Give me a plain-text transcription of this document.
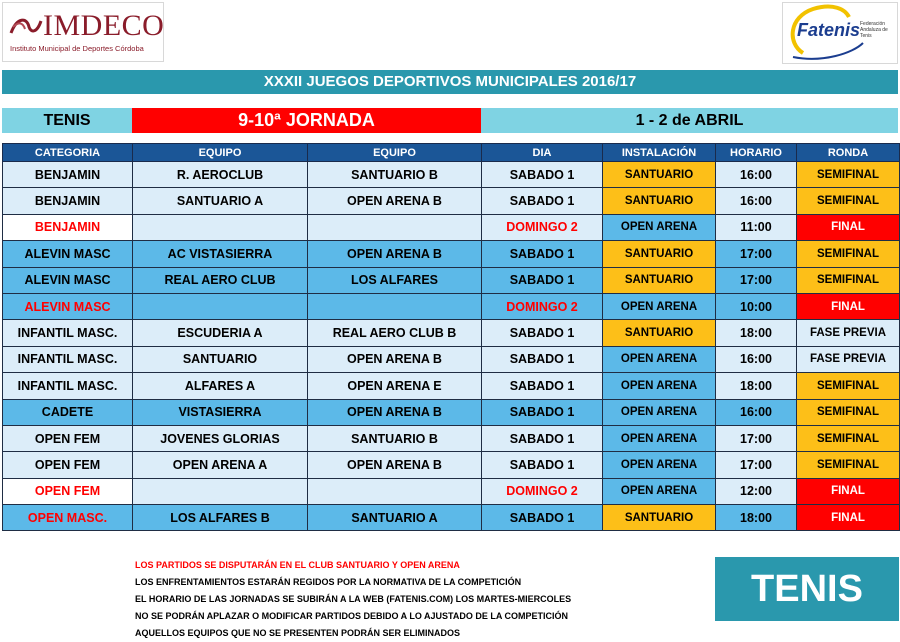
IMDECO
Instituto Municipal de Deportes Córdoba
Fatenis Federación Andaluza de Tenis
XXXII JUEGOS DEPORTIVOS MUNICIPALES 2016/17
TENIS	9-10ª JORNADA	1 - 2 de ABRIL
CATEGORIA	EQUIPO	EQUIPO	DIA	INSTALACIÓN	HORARIO	RONDA
BENJAMIN	R. AEROCLUB	SANTUARIO B	SABADO 1	SANTUARIO	16:00	SEMIFINAL
BENJAMIN	SANTUARIO A	OPEN ARENA B	SABADO 1	SANTUARIO	16:00	SEMIFINAL
BENJAMIN			DOMINGO 2	OPEN ARENA	11:00	FINAL
ALEVIN MASC	AC VISTASIERRA	OPEN ARENA B	SABADO 1	SANTUARIO	17:00	SEMIFINAL
ALEVIN MASC	REAL AERO CLUB	LOS ALFARES	SABADO 1	SANTUARIO	17:00	SEMIFINAL
ALEVIN MASC			DOMINGO 2	OPEN ARENA	10:00	FINAL
INFANTIL MASC.	ESCUDERIA A	REAL AERO CLUB B	SABADO 1	SANTUARIO	18:00	FASE PREVIA
INFANTIL MASC.	SANTUARIO	OPEN ARENA B	SABADO 1	OPEN ARENA	16:00	FASE PREVIA
INFANTIL MASC.	ALFARES A	OPEN ARENA E	SABADO 1	OPEN ARENA	18:00	SEMIFINAL
CADETE	VISTASIERRA	OPEN ARENA B	SABADO 1	OPEN ARENA	16:00	SEMIFINAL
OPEN FEM	JOVENES GLORIAS	SANTUARIO B	SABADO 1	OPEN ARENA	17:00	SEMIFINAL
OPEN FEM	OPEN ARENA A	OPEN ARENA B	SABADO 1	OPEN ARENA	17:00	SEMIFINAL
OPEN FEM			DOMINGO 2	OPEN ARENA	12:00	FINAL
OPEN MASC.	LOS ALFARES B	SANTUARIO A	SABADO 1	SANTUARIO	18:00	FINAL
LOS PARTIDOS SE DISPUTARÁN EN EL CLUB SANTUARIO Y OPEN ARENA
LOS ENFRENTAMIENTOS ESTARÁN REGIDOS POR LA NORMATIVA DE LA COMPETICIÓN
EL HORARIO DE LAS JORNADAS SE SUBIRÁN A LA WEB (FATENIS.COM) LOS MARTES-MIERCOLES
NO SE PODRÁN APLAZAR O MODIFICAR PARTIDOS DEBIDO A LO AJUSTADO DE LA COMPETICIÓN
AQUELLOS EQUIPOS QUE NO SE PRESENTEN PODRÁN SER ELIMINADOS
TENIS
